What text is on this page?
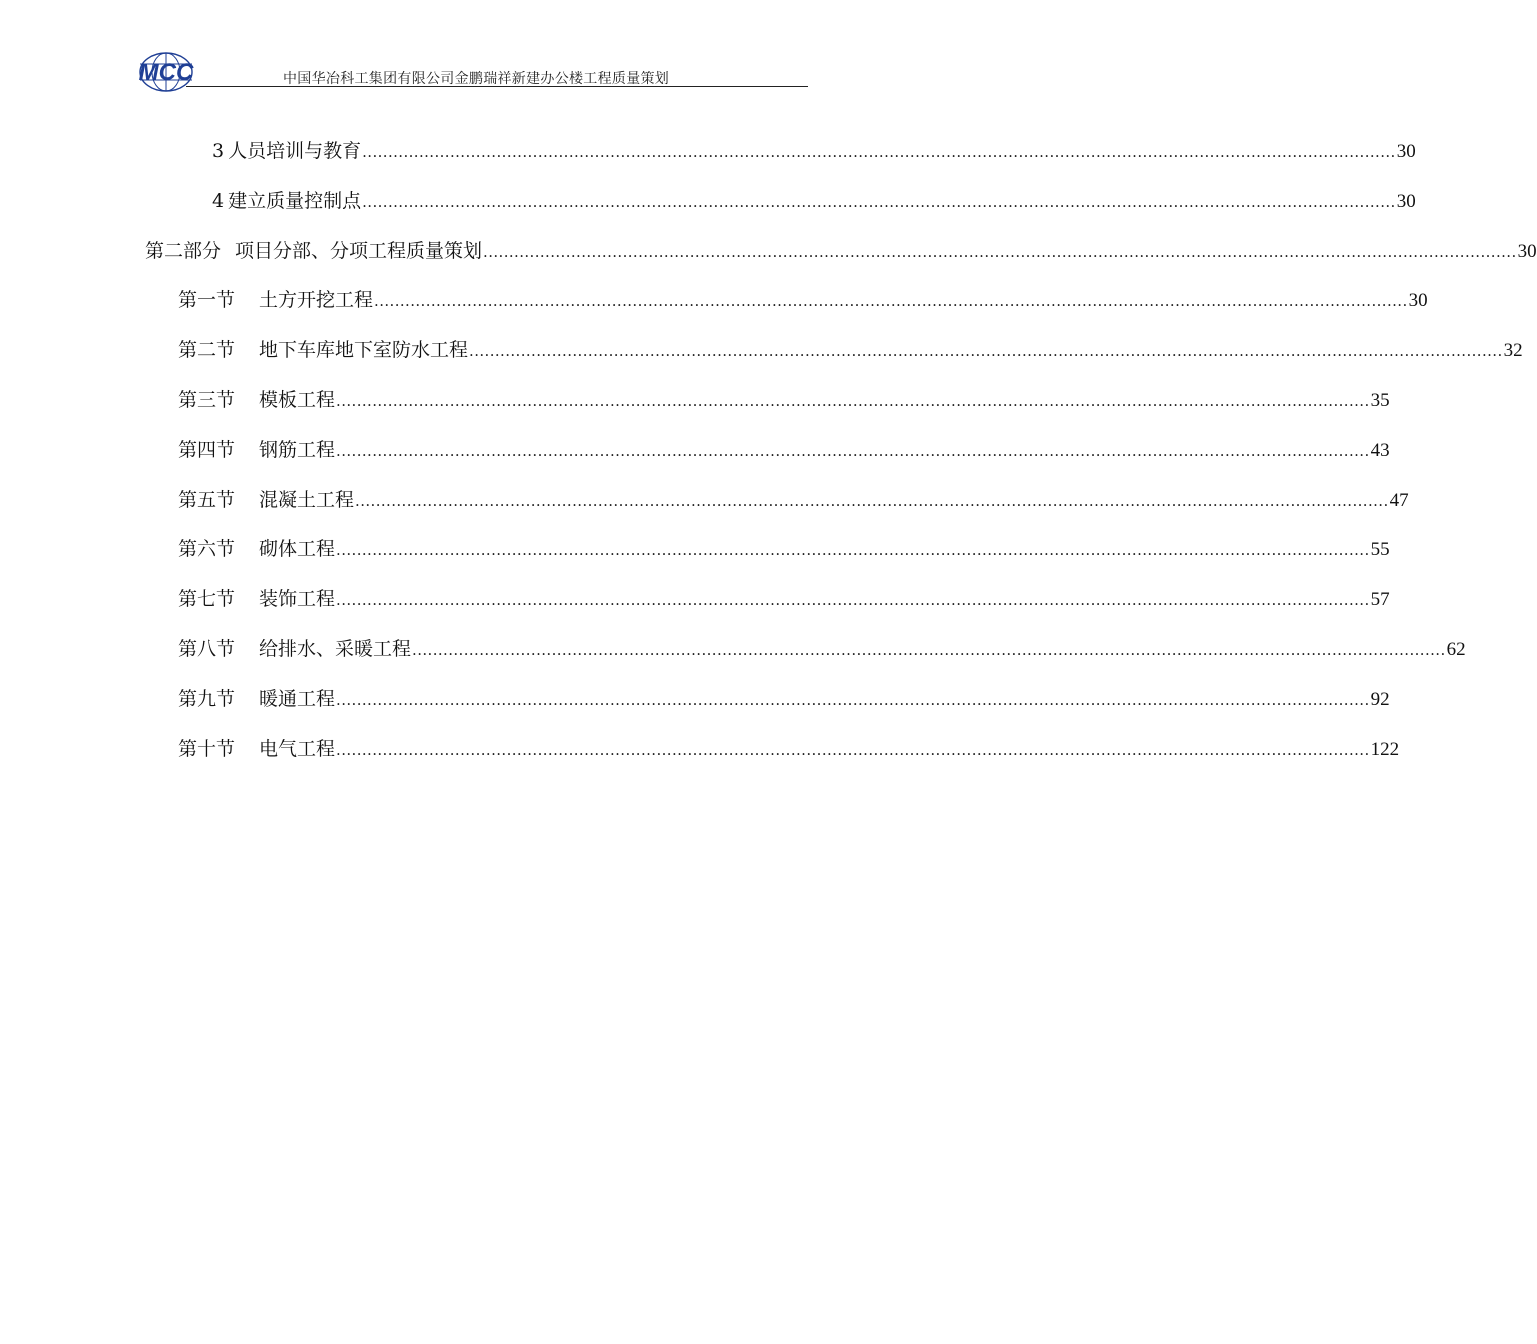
MCC	中国华冶科工集团有限公司金鹏瑞祥新建办公楼工程质量策划
3 人员培训与教育 ........................................................................................................................................................................................................ 30
4 建立质量控制点 ........................................................................................................................................................................................................ 30
第二部分 项目分部、分项工程质量策划 ........................................................................................................................................................................................................ 30
第一节 土方开挖工程 ........................................................................................................................................................................................................ 30
第二节 地下车库地下室防水工程 ........................................................................................................................................................................................................ 32
第三节 模板工程 ........................................................................................................................................................................................................ 35
第四节 钢筋工程 ........................................................................................................................................................................................................ 43
第五节 混凝土工程 ........................................................................................................................................................................................................ 47
第六节 砌体工程 ........................................................................................................................................................................................................ 55
第七节 装饰工程 ........................................................................................................................................................................................................ 57
第八节 给排水、采暖工程 ........................................................................................................................................................................................................ 62
第九节 暖通工程 ........................................................................................................................................................................................................ 92
第十节 电气工程 ........................................................................................................................................................................................................ 122
